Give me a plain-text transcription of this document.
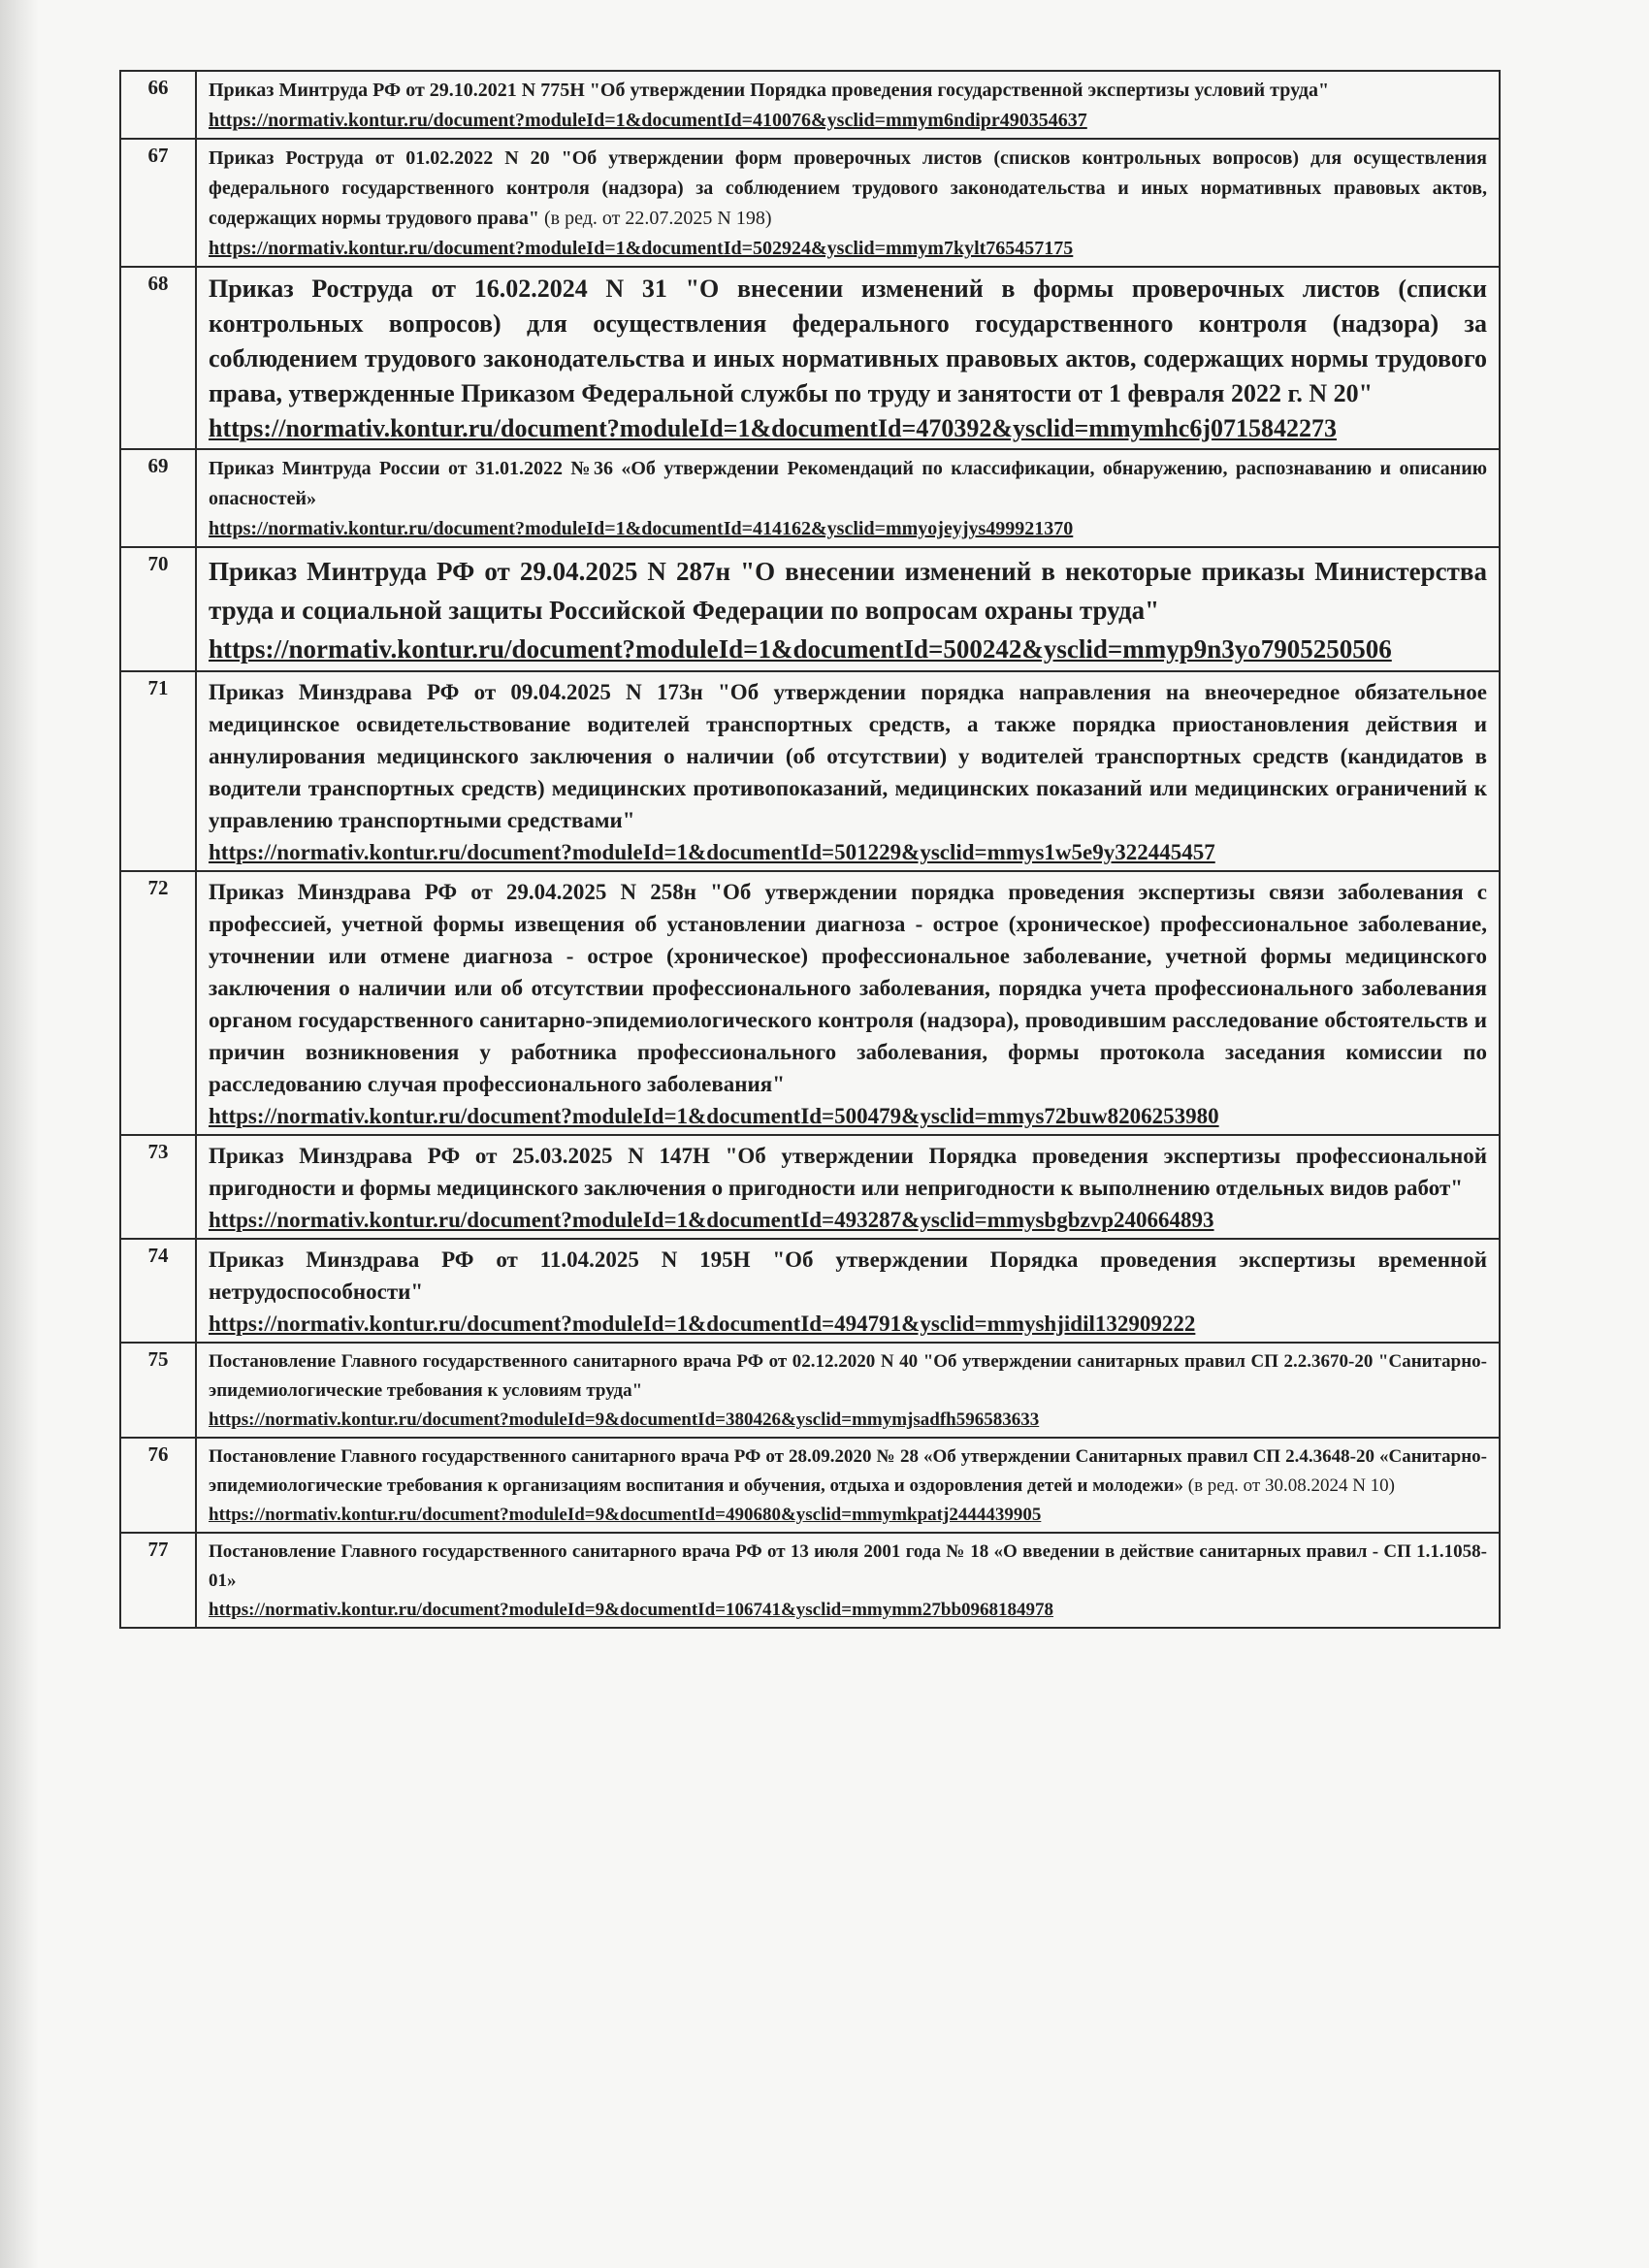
66	Приказ Минтруда РФ от 29.10.2021 N 775Н "Об утверждении Порядка проведения государственной экспертизы условий труда"
https://normativ.kontur.ru/document?moduleId=1&documentId=410076&ysclid=mmym6ndipr490354637

67	Приказ Роструда от 01.02.2022 N 20 "Об утверждении форм проверочных листов (списков контрольных вопросов) для осуществления федерального государственного контроля (надзора) за соблюдением трудового законодательства и иных нормативных правовых актов, содержащих нормы трудового права" (в ред. от 22.07.2025 N 198)
https://normativ.kontur.ru/document?moduleId=1&documentId=502924&ysclid=mmym7kylt765457175

68	Приказ Роструда от 16.02.2024 N 31 "О внесении изменений в формы проверочных листов (списки контрольных вопросов) для осуществления федерального государственного контроля (надзора) за соблюдением трудового законодательства и иных нормативных правовых актов, содержащих нормы трудового права, утвержденные Приказом Федеральной службы по труду и занятости от 1 февраля 2022 г. N 20"
https://normativ.kontur.ru/document?moduleId=1&documentId=470392&ysclid=mmymhc6j0715842273

69	Приказ Минтруда России от 31.01.2022 №36 «Об утверждении Рекомендаций по классификации, обнаружению, распознаванию и описанию опасностей»
https://normativ.kontur.ru/document?moduleId=1&documentId=414162&ysclid=mmyojeyjys499921370

70	Приказ Минтруда РФ от 29.04.2025 N 287н "О внесении изменений в некоторые приказы Министерства труда и социальной защиты Российской Федерации по вопросам охраны труда"
https://normativ.kontur.ru/document?moduleId=1&documentId=500242&ysclid=mmyp9n3yo7905250506

71	Приказ Минздрава РФ от 09.04.2025 N 173н "Об утверждении порядка направления на внеочередное обязательное медицинское освидетельствование водителей транспортных средств, а также порядка приостановления действия и аннулирования медицинского заключения о наличии (об отсутствии) у водителей транспортных средств (кандидатов в водители транспортных средств) медицинских противопоказаний, медицинских показаний или медицинских ограничений к управлению транспортными средствами"
https://normativ.kontur.ru/document?moduleId=1&documentId=501229&ysclid=mmys1w5e9y322445457

72	Приказ Минздрава РФ от 29.04.2025 N 258н "Об утверждении порядка проведения экспертизы связи заболевания с профессией, учетной формы извещения об установлении диагноза - острое (хроническое) профессиональное заболевание, уточнении или отмене диагноза - острое (хроническое) профессиональное заболевание, учетной формы медицинского заключения о наличии или об отсутствии профессионального заболевания, порядка учета профессионального заболевания органом государственного санитарно-эпидемиологического контроля (надзора), проводившим расследование обстоятельств и причин возникновения у работника профессионального заболевания, формы протокола заседания комиссии по расследованию случая профессионального заболевания"
https://normativ.kontur.ru/document?moduleId=1&documentId=500479&ysclid=mmys72buw8206253980

73	Приказ Минздрава РФ от 25.03.2025 N 147Н "Об утверждении Порядка проведения экспертизы профессиональной пригодности и формы медицинского заключения о пригодности или непригодности к выполнению отдельных видов работ"
https://normativ.kontur.ru/document?moduleId=1&documentId=493287&ysclid=mmysbgbzvp240664893

74	Приказ Минздрава РФ от 11.04.2025 N 195Н "Об утверждении Порядка проведения экспертизы временной нетрудоспособности"
https://normativ.kontur.ru/document?moduleId=1&documentId=494791&ysclid=mmyshjidil132909222

75	Постановление Главного государственного санитарного врача РФ от 02.12.2020 N 40 "Об утверждении санитарных правил СП 2.2.3670-20 "Санитарно-эпидемиологические требования к условиям труда"
https://normativ.kontur.ru/document?moduleId=9&documentId=380426&ysclid=mmymjsadfh596583633

76	Постановление Главного государственного санитарного врача РФ от 28.09.2020 № 28 «Об утверждении Санитарных правил СП 2.4.3648-20 «Санитарно-эпидемиологические требования к организациям воспитания и обучения, отдыха и оздоровления детей и молодежи» (в ред. от 30.08.2024 N 10)
https://normativ.kontur.ru/document?moduleId=9&documentId=490680&ysclid=mmymkpatj2444439905

77	Постановление Главного государственного санитарного врача РФ от 13 июля 2001 года № 18 «О введении в действие санитарных правил - СП 1.1.1058-01»
https://normativ.kontur.ru/document?moduleId=9&documentId=106741&ysclid=mmymm27bb0968184978
